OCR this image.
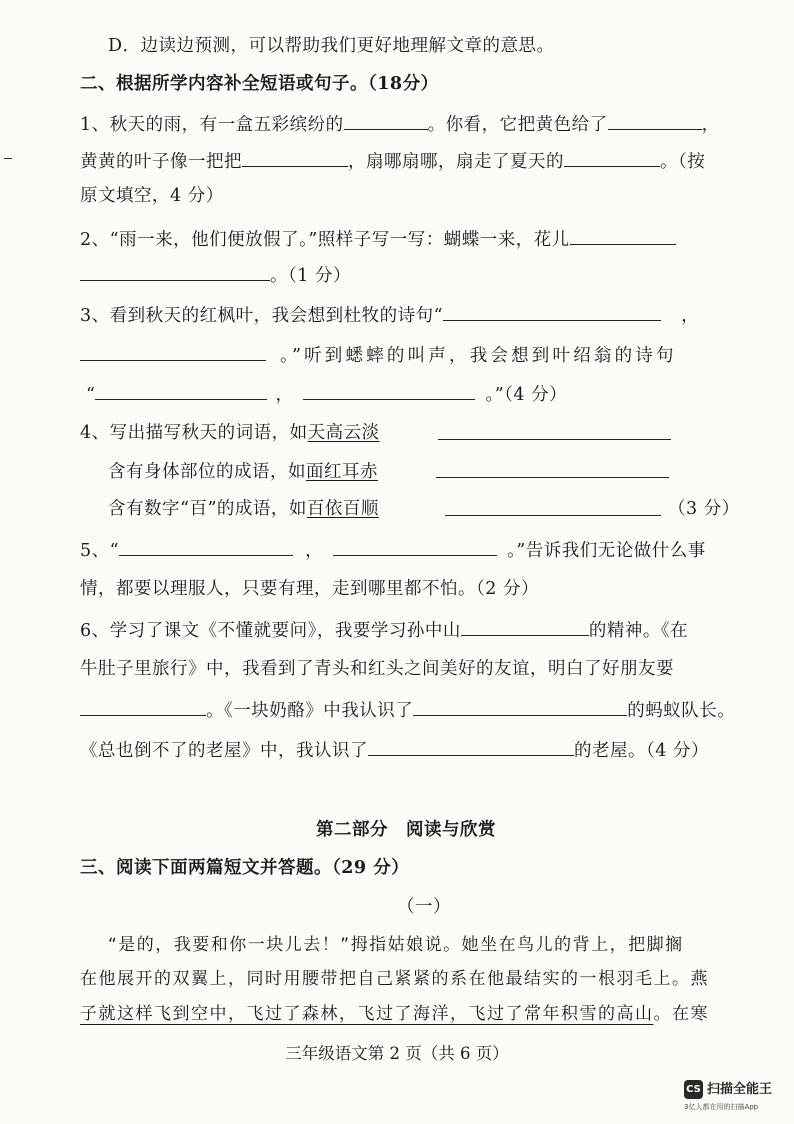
D．边读边预测，可以帮助我们更好地理解文章的意思。
二、根据所学内容补全短语或句子。（18分）
1、秋天的雨，有一盒五彩缤纷的	。你看，它把黄色给了	，
黄黄的叶子像一把把	，扇哪扇哪，扇走了夏天的	。（按
原文填空，4 分）
2、“雨一来，他们便放假了。”照样子写一写：蝴蝶一来，花儿
。（1 分）
3、看到秋天的红枫叶，我会想到杜牧的诗句“	，
。”听到蟋蟀的叫声，我会想到叶绍翁的诗句
“	，	。”（4 分）
4、写出描写秋天的词语，如天高云淡
含有身体部位的成语，如面红耳赤
含有数字“百”的成语，如百依百顺	（3 分）
5、“	，	。”告诉我们无论做什么事
情，都要以理服人，只要有理，走到哪里都不怕。（2 分）
6、学习了课文《不懂就要问》，我要学习孙中山	的精神。《在
牛肚子里旅行》中，我看到了青头和红头之间美好的友谊，明白了好朋友要
。《一块奶酪》中我认识了	的蚂蚁队长。
《总也倒不了的老屋》中，我认识了	的老屋。（4 分）
第二部分　阅读与欣赏
三、阅读下面两篇短文并答题。（29 分）
（一）
“是的，我要和你一块儿去！”拇指姑娘说。她坐在鸟儿的背上，把脚搁
在他展开的双翼上，同时用腰带把自己紧紧的系在他最结实的一根羽毛上。燕
子就这样飞到空中，飞过了森林，飞过了海洋，飞过了常年积雪的高山。在寒
三年级语文第 2 页（共 6 页）
CS 扫描全能王
3亿人都在用的扫描App
